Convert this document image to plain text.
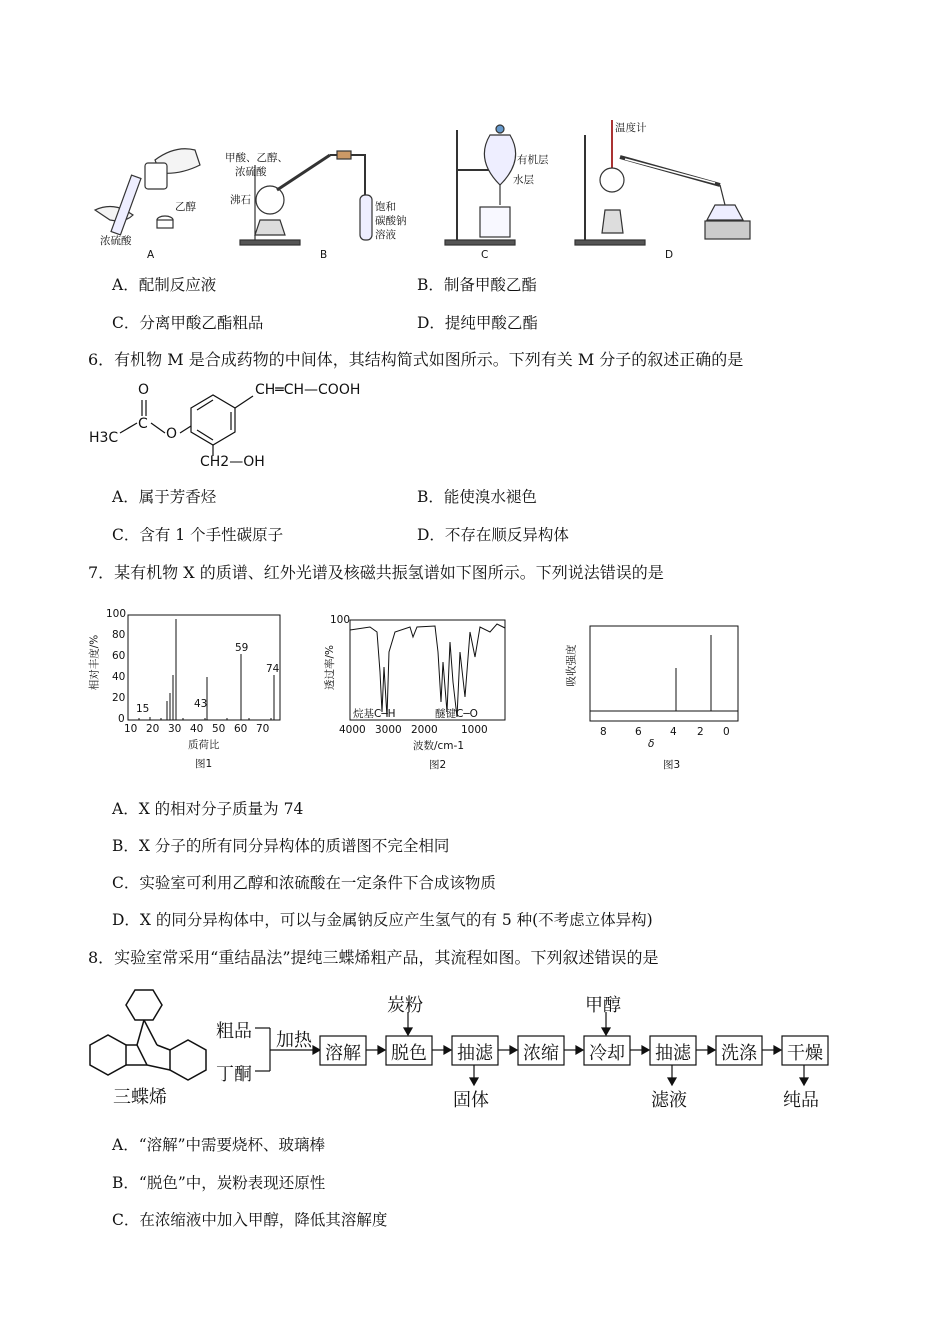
乙醇
浓硫酸
A
甲酸、乙醇、
浓硫酸
沸石
饱和
碳酸钠
溶液
B
有机层
水层
C
温度计
D
A．配制反应液	B．制备甲酸乙酯
C．分离甲酸乙酯粗品	D．提纯甲酸乙酯
6．有机物 M 是合成药物的中间体，其结构简式如图所示。下列有关 M 分子的叙述正确的是
O
C
O
H3C
CH═CH—COOH
CH2—OH
A．属于芳香烃	B．能使溴水褪色
C．含有 1 个手性碳原子	D．不存在顺反异构体
7．某有机物 X 的质谱、红外光谱及核磁共振氢谱如下图所示。下列说法错误的是
0
20
40
60
80
100
10 20 30 40 50 60 70
15	43
59
74
相对丰度/%
质荷比
图1
100
4000 3000 2000 1000
烷基C─H	醚键C─O
透过率/%
波数/cm-1
图2
吸收强度
8	6	4 2 0
δ
图3
A．X 的相对分子质量为 74
B．X 分子的所有同分异构体的质谱图不完全相同
C．实验室可利用乙醇和浓硫酸在一定条件下合成该物质
D．X 的同分异构体中，可以与金属钠反应产生氢气的有 5 种(不考虑立体异构)
8．实验室常采用“重结晶法”提纯三蝶烯粗产品，其流程如图。下列叙述错误的是
三蝶烯
粗品
丁酮
加热
溶解 脱色 抽滤 浓缩 冷却 抽滤 洗涤 干燥
炭粉	甲醇
固体	滤液	纯品
A．“溶解”中需要烧杯、玻璃棒
B．“脱色”中，炭粉表现还原性
C．在浓缩液中加入甲醇，降低其溶解度
